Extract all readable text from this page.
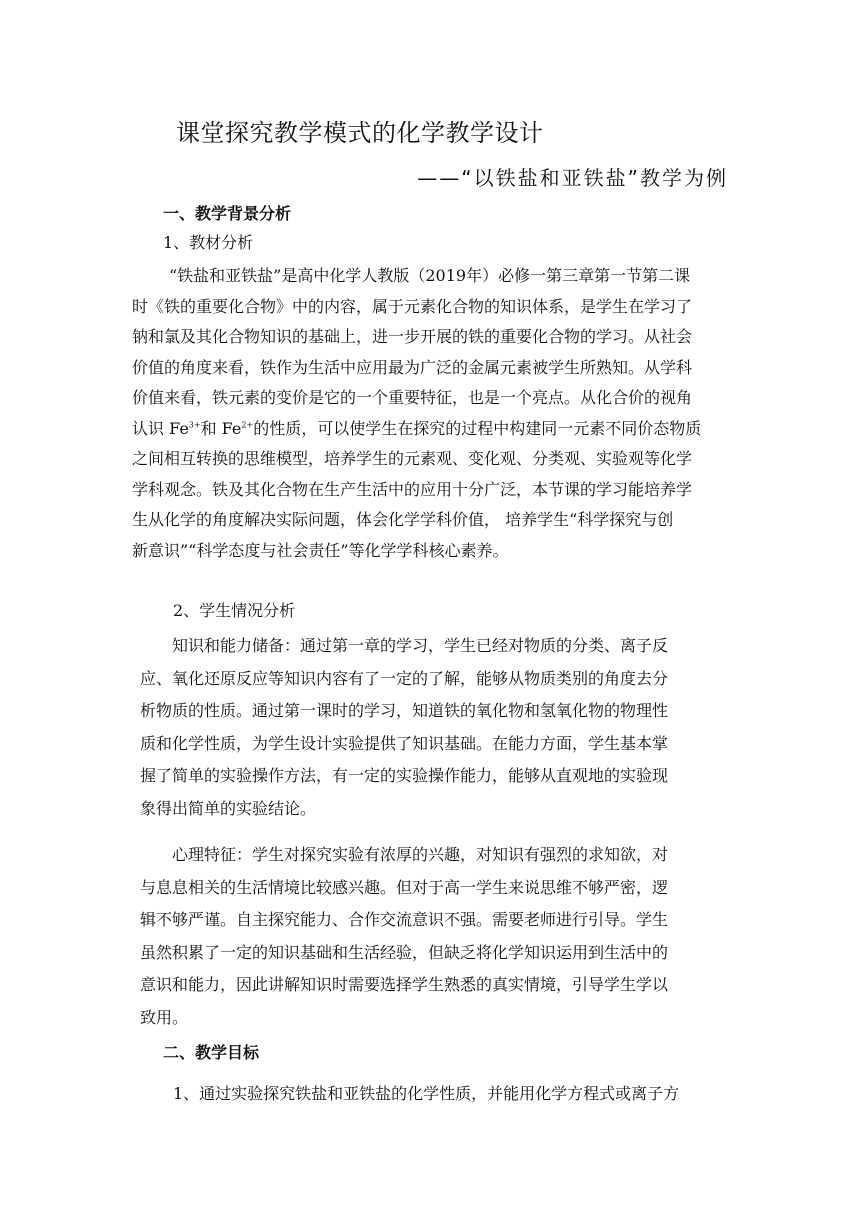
课堂探究教学模式的化学教学设计
——“以铁盐和亚铁盐”教学为例
一、教学背景分析
1、教材分析
“铁盐和亚铁盐”是高中化学人教版（2019年）必修一第三章第一节第二课
时《铁的重要化合物》中的内容，属于元素化合物的知识体系，是学生在学习了
钠和氯及其化合物知识的基础上，进一步开展的铁的重要化合物的学习。从社会
价值的角度来看，铁作为生活中应用最为广泛的金属元素被学生所熟知。从学科
价值来看，铁元素的变价是它的一个重要特征，也是一个亮点。从化合价的视角
认识 $Fe^{3+}$和 $Fe^{2+}$的性质，可以使学生在探究的过程中构建同一元素不同价态物质
之间相互转换的思维模型，培养学生的元素观、变化观、分类观、实验观等化学
学科观念。铁及其化合物在生产生活中的应用十分广泛，本节课的学习能培养学
生从化学的角度解决实际问题，体会化学学科价值， 培养学生“科学探究与创
新意识”“科学态度与社会责任”等化学学科核心素养。
2、学生情况分析
知识和能力储备：通过第一章的学习，学生已经对物质的分类、离子反
应、氧化还原反应等知识内容有了一定的了解，能够从物质类别的角度去分
析物质的性质。通过第一课时的学习，知道铁的氧化物和氢氧化物的物理性
质和化学性质，为学生设计实验提供了知识基础。在能力方面，学生基本掌
握了简单的实验操作方法，有一定的实验操作能力，能够从直观地的实验现
象得出简单的实验结论。
心理特征：学生对探究实验有浓厚的兴趣，对知识有强烈的求知欲，对
与息息相关的生活情境比较感兴趣。但对于高一学生来说思维不够严密，逻
辑不够严谨。自主探究能力、合作交流意识不强。需要老师进行引导。学生
虽然积累了一定的知识基础和生活经验，但缺乏将化学知识运用到生活中的
意识和能力，因此讲解知识时需要选择学生熟悉的真实情境，引导学生学以
致用。
二、教学目标
1、通过实验探究铁盐和亚铁盐的化学性质，并能用化学方程式或离子方
